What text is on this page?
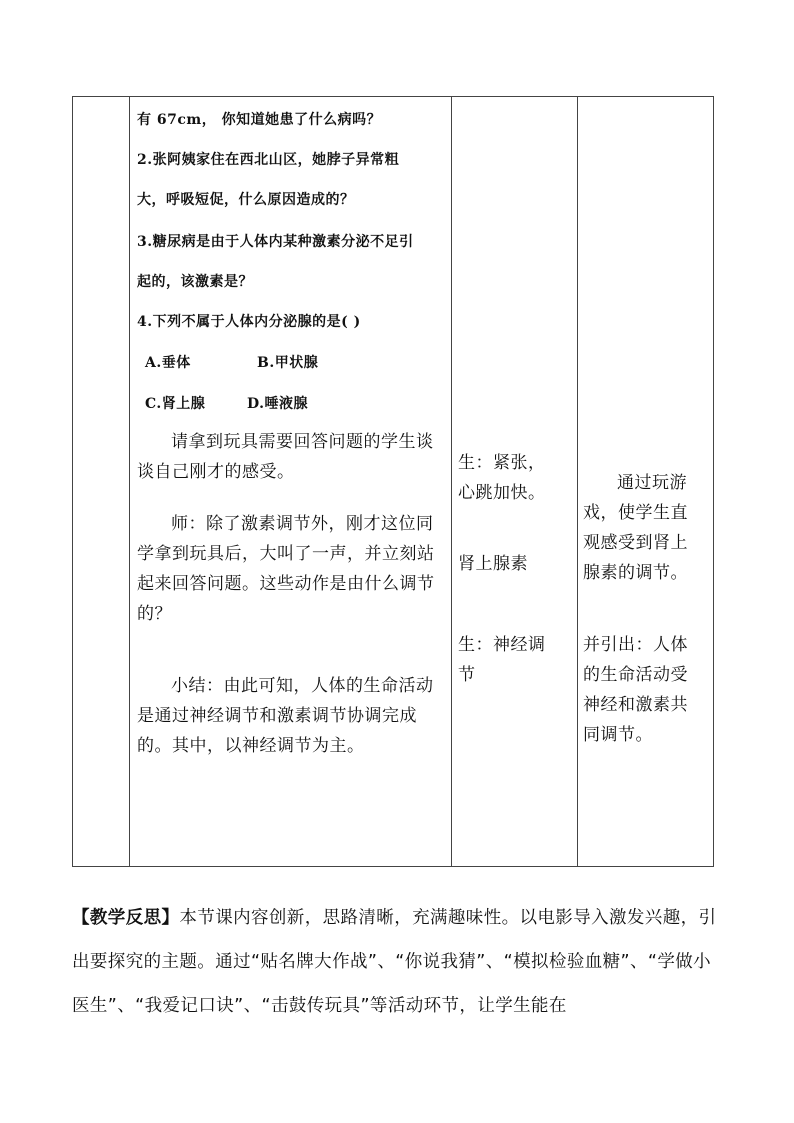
有 67cm， 你知道她患了什么病吗？
2.张阿姨家住在西北山区，她脖子异常粗
大，呼吸短促，什么原因造成的？
3.糖尿病是由于人体内某种激素分泌不足引
起的，该激素是？
4.下列不属于人体内分泌腺的是( )
A.垂体	B.甲状腺
C.肾上腺	D.唾液腺

请拿到玩具需要回答问题的学生谈谈自己刚才的感受。

师：除了激素调节外，刚才这位同学拿到玩具后，大叫了一声，并立刻站起来回答问题。这些动作是由什么调节的？

小结：由此可知，人体的生命活动是通过神经调节和激素调节协调完成的。其中，以神经调节为主。

生：紧张，心跳加快。

肾上腺素

生：神经调节

通过玩游戏，使学生直观感受到肾上腺素的调节。

并引出：人体的生命活动受神经和激素共同调节。

【教学反思】本节课内容创新，思路清晰，充满趣味性。以电影导入激发兴趣，引出要探究的主题。通过“贴名牌大作战”、“你说我猜”、“模拟检验血糖”、“学做小医生”、“我爱记口诀”、“击鼓传玩具”等活动环节，让学生能在
